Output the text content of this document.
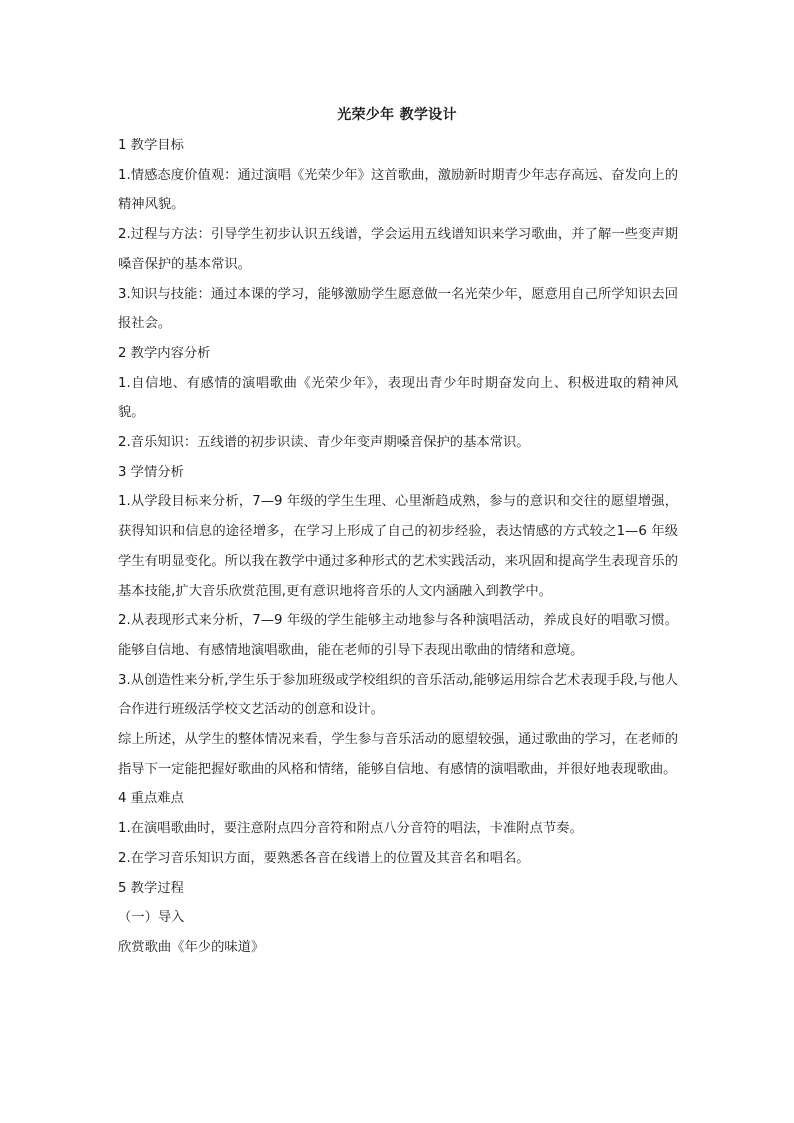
光荣少年 教学设计

1 教学目标

1.情感态度价值观：通过演唱《光荣少年》这首歌曲，激励新时期青少年志存高远、奋发向上的精神风貌。

2.过程与方法：引导学生初步认识五线谱，学会运用五线谱知识来学习歌曲，并了解一些变声期嗓音保护的基本常识。

3.知识与技能：通过本课的学习，能够激励学生愿意做一名光荣少年，愿意用自己所学知识去回报社会。

2 教学内容分析

1.自信地、有感情的演唱歌曲《光荣少年》，表现出青少年时期奋发向上、积极进取的精神风貌。

2.音乐知识：五线谱的初步识读、青少年变声期嗓音保护的基本常识。

3 学情分析

1.从学段目标来分析，7—9 年级的学生生理、心里渐趋成熟，参与的意识和交往的愿望增强，获得知识和信息的途径增多，在学习上形成了自己的初步经验，表达情感的方式较之1—6 年级学生有明显变化。所以我在教学中通过多种形式的艺术实践活动，来巩固和提高学生表现音乐的基本技能,扩大音乐欣赏范围,更有意识地将音乐的人文内涵融入到教学中。

2.从表现形式来分析，7—9 年级的学生能够主动地参与各种演唱活动，养成良好的唱歌习惯。能够自信地、有感情地演唱歌曲，能在老师的引导下表现出歌曲的情绪和意境。

3.从创造性来分析,学生乐于参加班级或学校组织的音乐活动,能够运用综合艺术表现手段,与他人合作进行班级活学校文艺活动的创意和设计。

综上所述，从学生的整体情况来看，学生参与音乐活动的愿望较强，通过歌曲的学习，在老师的指导下一定能把握好歌曲的风格和情绪，能够自信地、有感情的演唱歌曲，并很好地表现歌曲。

4 重点难点

1.在演唱歌曲时，要注意附点四分音符和附点八分音符的唱法，卡准附点节奏。

2.在学习音乐知识方面，要熟悉各音在线谱上的位置及其音名和唱名。

5 教学过程

（一）导入

欣赏歌曲《年少的味道》
